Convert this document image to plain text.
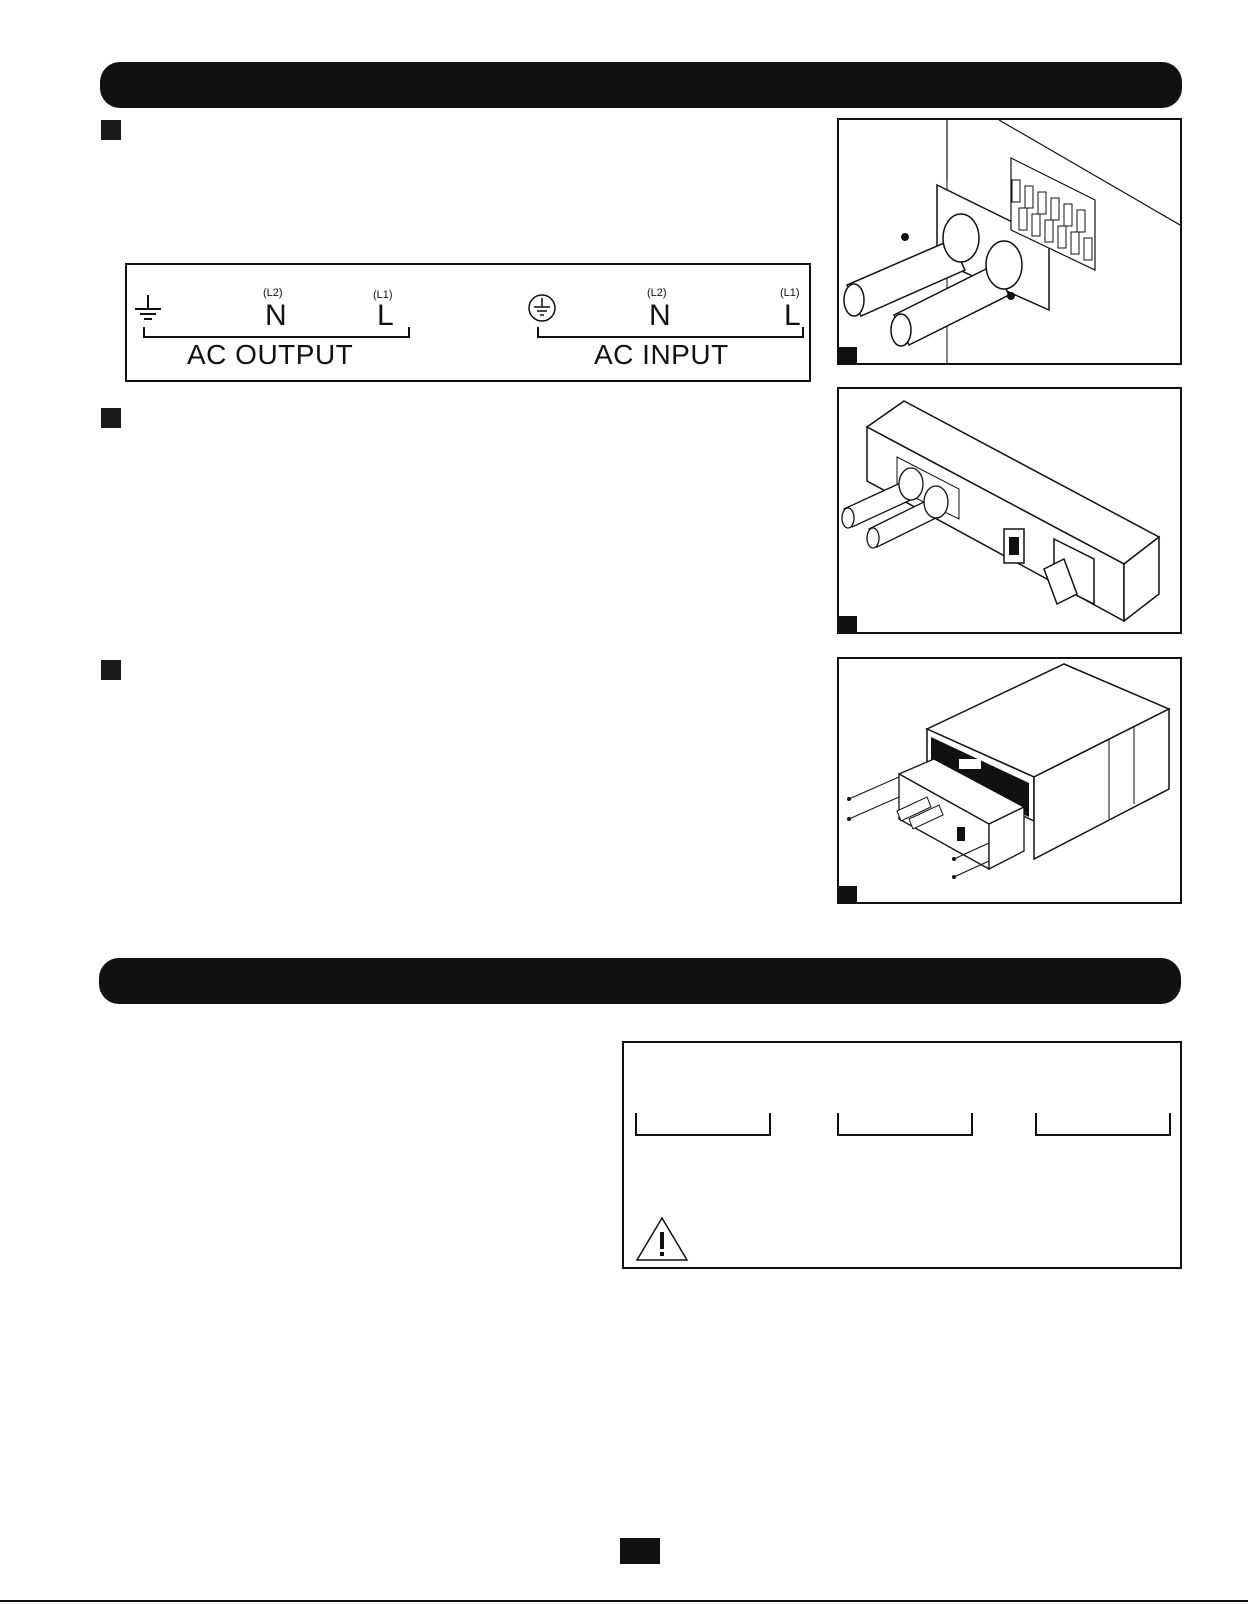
(L2)
N
(L1)
L
AC OUTPUT
(L2)
N
(L1)
L
AC INPUT
